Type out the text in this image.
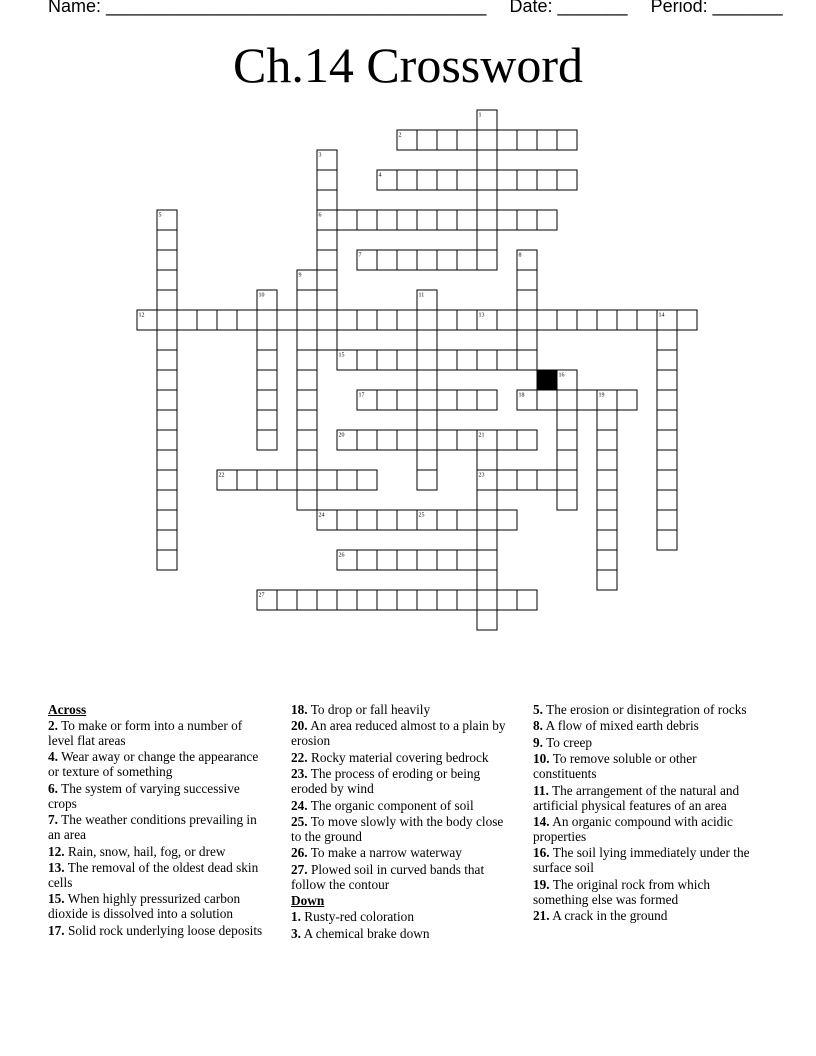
Name: ______________________________________ Date: _______ Period: _______
Ch.14 Crossword
1
2
3
6
4
5
7	8
9
10	11
12	13	14
15
16
17	18	19
20	21
23
22
24	25
26
27
Across
2. To make or form into a number of level flat areas
4. Wear away or change the appearance or texture of something
6. The system of varying successive crops
7. The weather conditions prevailing in an area
12. Rain, snow, hail, fog, or drew
13. The removal of the oldest dead skin cells
15. When highly pressurized carbon dioxide is dissolved into a solution
17. Solid rock underlying loose deposits
18. To drop or fall heavily
20. An area reduced almost to a plain by erosion
22. Rocky material covering bedrock
23. The process of eroding or being eroded by wind
24. The organic component of soil
25. To move slowly with the body close to the ground
26. To make a narrow waterway
27. Plowed soil in curved bands that follow the contour
Down
1. Rusty-red coloration
3. A chemical brake down
5. The erosion or disintegration of rocks
8. A flow of mixed earth debris
9. To creep
10. To remove soluble or other constituents
11. The arrangement of the natural and artificial physical features of an area
14. An organic compound with acidic properties
16. The soil lying immediately under the surface soil
19. The original rock from which something else was formed
21. A crack in the ground
